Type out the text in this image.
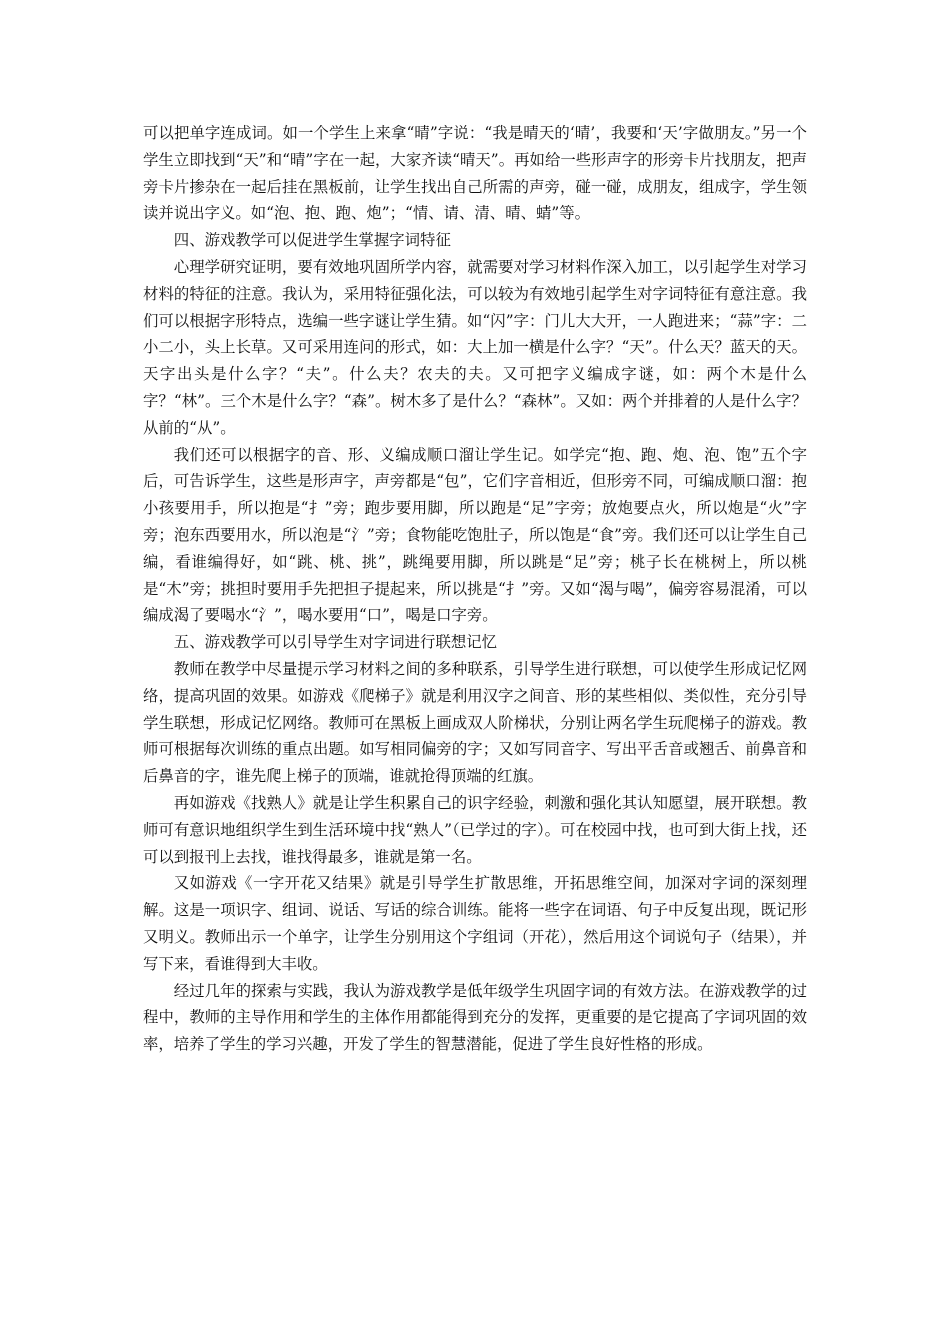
可以把单字连成词。如一个学生上来拿“晴”字说：“我是晴天的‘晴’，我要和‘天’字做朋友。”另一个学生立即找到“天”和“晴”字在一起，大家齐读“晴天”。再如给一些形声字的形旁卡片找朋友，把声旁卡片掺杂在一起后挂在黑板前，让学生找出自己所需的声旁，碰一碰，成朋友，组成字，学生领读并说出字义。如“泡、抱、跑、炮”；“情、请、清、晴、蜻”等。

四、游戏教学可以促进学生掌握字词特征

心理学研究证明，要有效地巩固所学内容，就需要对学习材料作深入加工，以引起学生对学习材料的特征的注意。我认为，采用特征强化法，可以较为有效地引起学生对字词特征有意注意。我们可以根据字形特点，选编一些字谜让学生猜。如“闪”字：门儿大大开，一人跑进来；“蒜”字：二小二小，头上长草。又可采用连问的形式，如：大上加一横是什么字？“天”。什么天？蓝天的天。天字出头是什么字？“夫”。什么夫？农夫的夫。又可把字义编成字谜，如：两个木是什么字？“林”。三个木是什么字？“森”。树木多了是什么？“森林”。又如：两个并排着的人是什么字？从前的“从”。

我们还可以根据字的音、形、义编成顺口溜让学生记。如学完“抱、跑、炮、泡、饱”五个字后，可告诉学生，这些是形声字，声旁都是“包”，它们字音相近，但形旁不同，可编成顺口溜：抱小孩要用手，所以抱是“扌”旁；跑步要用脚，所以跑是“足”字旁；放炮要点火，所以炮是“火”字旁；泡东西要用水，所以泡是“氵”旁；食物能吃饱肚子，所以饱是“食”旁。我们还可以让学生自己编，看谁编得好，如“跳、桃、挑”，跳绳要用脚，所以跳是“足”旁；桃子长在桃树上，所以桃是“木”旁；挑担时要用手先把担子提起来，所以挑是“扌”旁。又如“渴与喝”，偏旁容易混淆，可以编成渴了要喝水“氵”，喝水要用“口”，喝是口字旁。

五、游戏教学可以引导学生对字词进行联想记忆

教师在教学中尽量提示学习材料之间的多种联系，引导学生进行联想，可以使学生形成记忆网络，提高巩固的效果。如游戏《爬梯子》就是利用汉字之间音、形的某些相似、类似性，充分引导学生联想，形成记忆网络。教师可在黑板上画成双人阶梯状，分别让两名学生玩爬梯子的游戏。教师可根据每次训练的重点出题。如写相同偏旁的字；又如写同音字、写出平舌音或翘舌、前鼻音和后鼻音的字，谁先爬上梯子的顶端，谁就抢得顶端的红旗。

再如游戏《找熟人》就是让学生积累自己的识字经验，刺激和强化其认知愿望，展开联想。教师可有意识地组织学生到生活环境中找“熟人”（已学过的字）。可在校园中找，也可到大街上找，还可以到报刊上去找，谁找得最多，谁就是第一名。

又如游戏《一字开花又结果》就是引导学生扩散思维，开拓思维空间，加深对字词的深刻理解。这是一项识字、组词、说话、写话的综合训练。能将一些字在词语、句子中反复出现，既记形又明义。教师出示一个单字，让学生分别用这个字组词（开花），然后用这个词说句子（结果），并写下来，看谁得到大丰收。

经过几年的探索与实践，我认为游戏教学是低年级学生巩固字词的有效方法。在游戏教学的过程中，教师的主导作用和学生的主体作用都能得到充分的发挥，更重要的是它提高了字词巩固的效率，培养了学生的学习兴趣，开发了学生的智慧潜能，促进了学生良好性格的形成。
